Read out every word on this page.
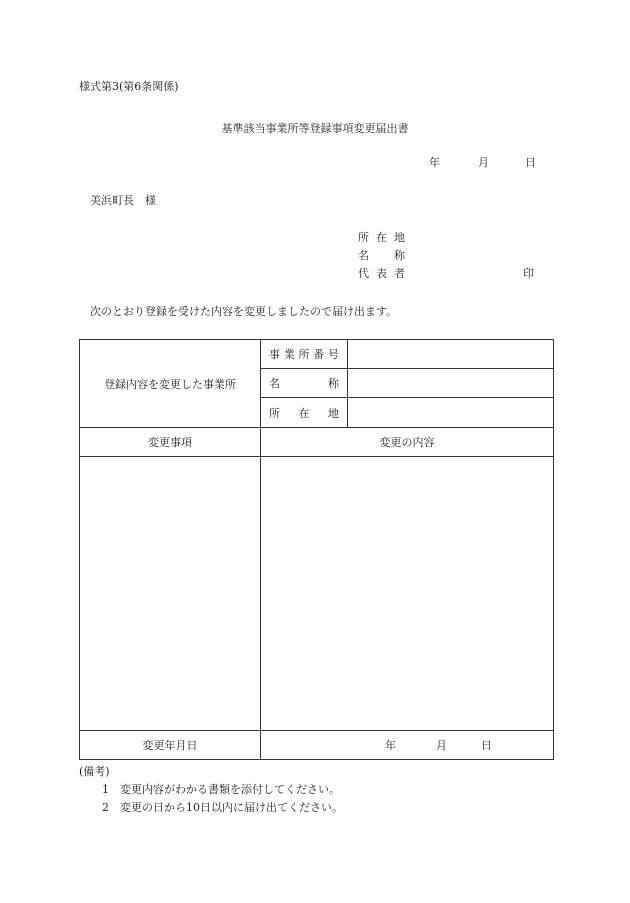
様式第3(第6条関係)
基準該当事業所等登録事項変更届出書
年	月	日
美浜町長　様
所 在 地
名 称
代 表 者	印
次のとおり登録を受けた内容を変更しましたので届け出ます。
登録内容を変更した事業所	事 業 所 番 号	

	名 称	

	所 在 地	

変更事項	変更の内容	

変更年月日	年 月 日	
(備考)
1 変更内容がわかる書類を添付してください。
2 変更の日から10日以内に届け出てください。
